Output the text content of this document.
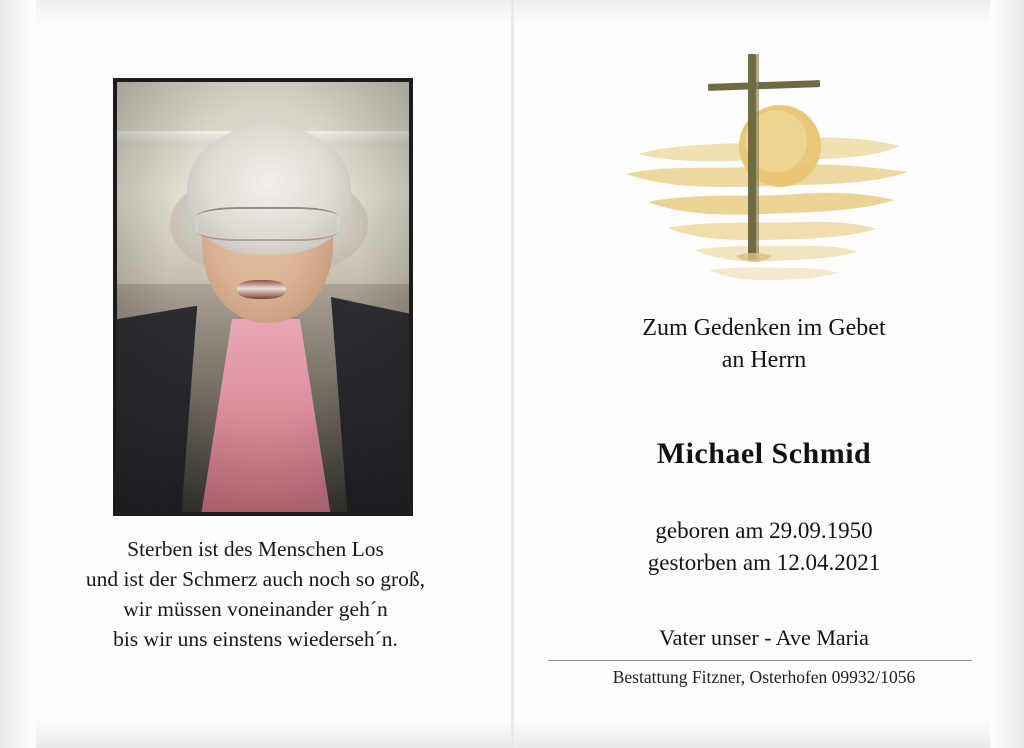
Sterben ist des Menschen Los
und ist der Schmerz auch noch so groß,
wir müssen voneinander geh´n
bis wir uns einstens wiederseh´n.
Zum Gedenken im Gebet
an Herrn
Michael Schmid
geboren am 29.09.1950
gestorben am 12.04.2021
Vater unser - Ave Maria
Bestattung Fitzner, Osterhofen 09932/1056
